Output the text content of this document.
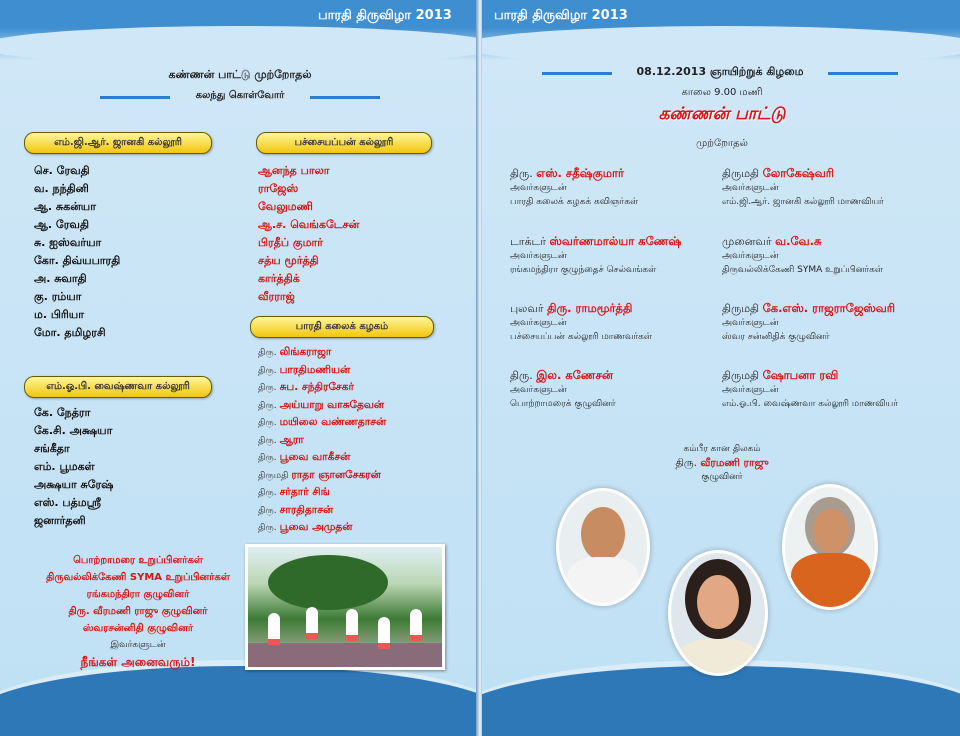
பாரதி திருவிழா 2013
கண்ணன் பாட்டு முற்றோதல்
கலந்து கொள்வோர்
எம்.ஜி.ஆர். ஜானகி கல்லூரி
செ. ரேவதி
வ. நந்தினி
ஆ. சுகன்யா
ஆ. ரேவதி
சு. ஐஸ்வர்யா
கோ. திவ்யபாரதி
அ. சுவாதி
கு. ரம்யா
ம. பிரியா
மோ. தமிழரசி
எம்.ஓ.பி. வைஷ்ணவா கல்லூரி
கே. நேத்ரா
கே.சி. அக்ஷயா
சங்கீதா
எம். பூமகள்
அக்ஷயா சுரேஷ்
எஸ். பத்மஸ்ரீ
ஜனார்தனி
பச்சையப்பன் கல்லூரி
ஆனந்த பாலா
ராஜேஸ்
வேலுமணி
ஆ.ச. வெங்கடேசன்
பிரதீப் குமார்
சத்ய மூர்த்தி
கார்த்திக்
வீரராஜ்
பாரதி கலைக் கழகம்
திரு. லிங்கராஜா
திரு. பாரதிமணியன்
திரு. சுப. சந்திரசேகர்
திரு. அய்யாறு வாசுதேவன்
திரு. மயிலை வண்ணதாசன்
திரு. ஆரா
திரு. பூவை வாகீசன்
திருமதி ராதா ஞானசேகரன்
திரு. சர்தார் சிங்
திரு. சாரதிதாசன்
திரு. பூவை அமுதன்
பொற்றாமரை உறுப்பினர்கள்
திருவல்லிக்கேணி SYMA உறுப்பினர்கள்
ரங்கமந்திரா குழுவினர்
திரு. வீரமணி ராஜு குழுவினர்
ஸ்வரசன்னிதி குழுவினர்
இவர்களுடன்
நீங்கள் அனைவரும்!
பாரதி திருவிழா 2013
08.12.2013 ஞாயிற்றுக் கிழமை
காலை 9.00 மணி
கண்ணன் பாட்டு
முற்றோதல்
திரு. எஸ். சதீஷ்குமார்
அவர்களுடன்
பாரதி கலைக் கழகக் கவிஞர்கள்
திருமதி லோகேஷ்வரி
அவர்களுடன்
எம்.ஜி.ஆர். ஜானகி கல்லூரி மாணவியர்
டாக்டர் ஸ்வர்ணமால்யா கணேஷ்
அவர்களுடன்
ரங்கமந்திரா குழுந்தைச் செல்வங்கள்
முனைவர் வ.வே.சு
அவர்களுடன்
திருவல்லிக்கேணி SYMA உறுப்பினர்கள்
புலவர் திரு. ராமமூர்த்தி
அவர்களுடன்
பச்சையப்பன் கல்லூரி மாணவர்கள்
திருமதி கே.எஸ். ராஜராஜேஸ்வரி
அவர்களுடன்
ஸ்வர சன்னிதிக் குழுவினர்
திரு. இல. கணேசன்
அவர்களுடன்
பொற்றாமரைக் குழுவினர்
திருமதி ஷோபனா ரவி
அவர்களுடன்
எம்.ஓ.பி. வைஷ்ணவா கல்லூரி மாணவியர்
கம்பீர கான திலகம்
திரு. வீரமணி ராஜு
குழுவினர்
